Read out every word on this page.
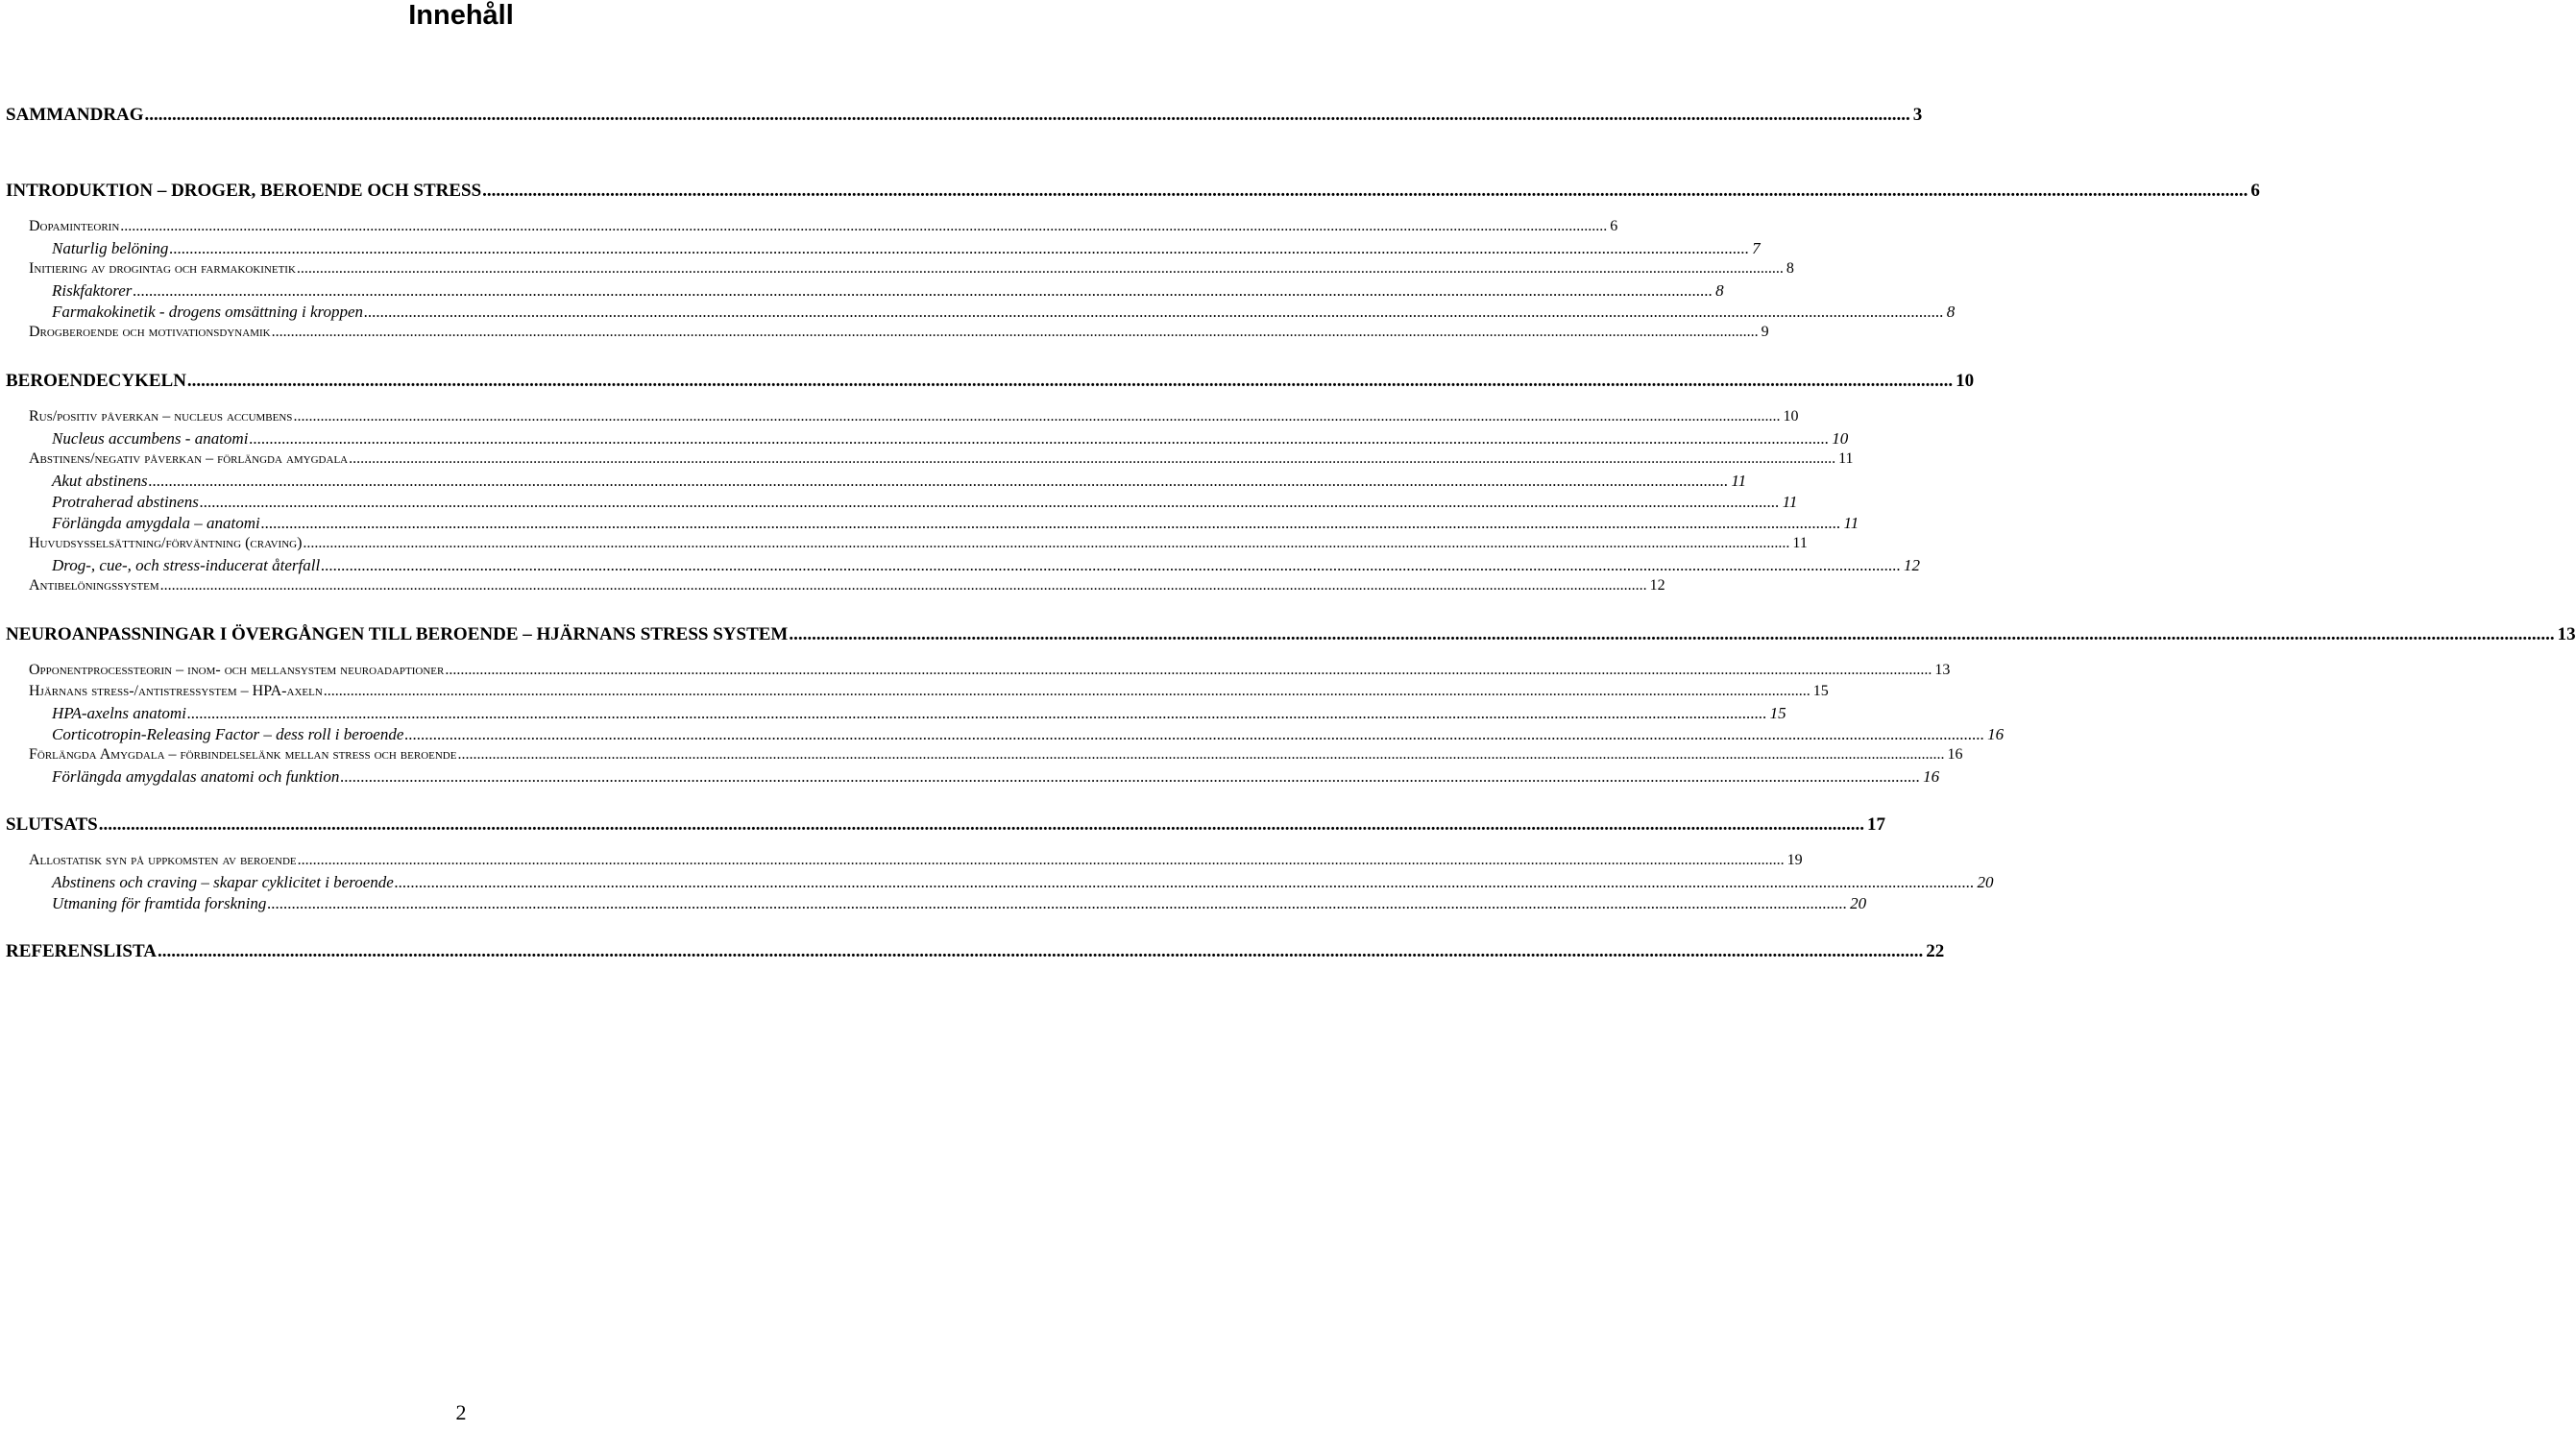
Innehåll
SAMMANDRAG .....	3
INTRODUKTION – DROGER, BEROENDE OCH STRESS .....	6
Dopaminteorin .....	6
Naturlig belöning .....	7
Initiering av drogintag och farmakokinetik .....	8
Riskfaktorer .....	8
Farmakokinetik - drogens omsättning i kroppen .....	8
Drogberoende och motivationsdynamik .....	9
BEROENDECYKELN .....	10
Rus/positiv påverkan – nucleus accumbens .....	10
Nucleus accumbens - anatomi .....	10
Abstinens/negativ påverkan – förlängda amygdala .....	11
Akut abstinens .....	11
Protraherad abstinens .....	11
Förlängda amygdala – anatomi .....	11
Huvudsysselsättning/förväntning (craving) .....	11
Drog-, cue-, och stress-inducerat återfall .....	12
Antibelöningssystem .....	12
NEUROANPASSNINGAR I ÖVERGÅNGEN TILL BEROENDE – HJÄRNANS STRESS SYSTEM .....	13
Opponentprocessteorin – inom- och mellansystem neuroadaptioner .....	13
Hjärnans stress-/antistressystem – HPA-axeln .....	15
HPA-axelns anatomi .....	15
Corticotropin-Releasing Factor – dess roll i beroende .....	16
Förlängda Amygdala – förbindelselänk mellan stress och beroende .....	16
Förlängda amygdalas anatomi och funktion .....	16
SLUTSATS .....	17
Allostatisk syn på uppkomsten av beroende .....	19
Abstinens och craving – skapar cyklicitet i beroende .....	20
Utmaning för framtida forskning .....	20
REFERENSLISTA .....	22
2
